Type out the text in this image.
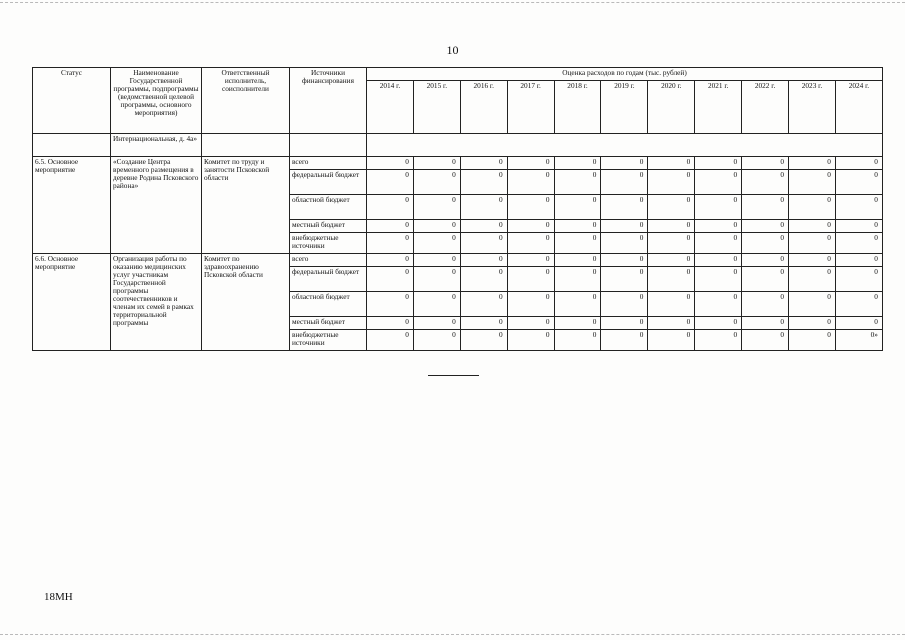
10
Статус	Наименование Государственной программы, подпрограммы (ведомственной целевой программы, основного мероприятия)	Ответственный исполнитель, соисполнители	Источники финансирования	Оценка расходов по годам (тыс. рублей)										
				2014 г.	2015 г.	2016 г.	2017 г.	2018 г.	2019 г.	2020 г.	2021 г.	2022 г.	2023 г.	2024 г.
	Интернациональная, д. 4а»													
6.5. Основное мероприятие	«Создание Центра временного размещения в деревне Родина Псковского района»	Комитет по труду и занятости Псковской области	всего	0	0	0	0	0	0	0	0	0	0	0
			федеральный бюджет	0	0	0	0	0	0	0	0	0	0	0
			областной бюджет	0	0	0	0	0	0	0	0	0	0	0
			местный бюджет	0	0	0	0	0	0	0	0	0	0	0
			внебюджетные источники	0	0	0	0	0	0	0	0	0	0	0
6.6. Основное мероприятие	Организация работы по оказанию медицинских услуг участникам Государственной программы соотечественников и членам их семей в рамках территориальной программы	Комитет по здравоохранению Псковской области	всего	0	0	0	0	0	0	0	0	0	0	0
			федеральный бюджет	0	0	0	0	0	0	0	0	0	0	0
			областной бюджет	0	0	0	0	0	0	0	0	0	0	0
			местный бюджет	0	0	0	0	0	0	0	0	0	0	0
			внебюджетные источники	0	0	0	0	0	0	0	0	0	0	0»
18МН
